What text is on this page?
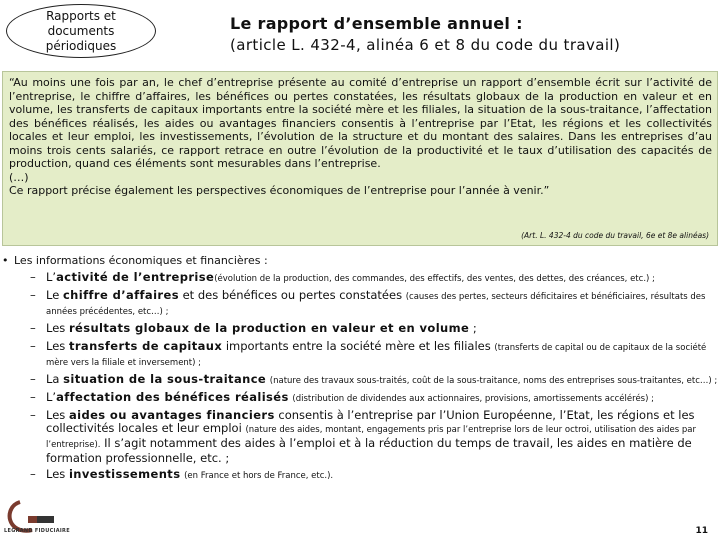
Rapports et
documents
périodiques
Le rapport d’ensemble annuel :
(article L. 432-4, alinéa 6 et 8 du code du travail)

“Au moins une fois par an, le chef d’entreprise présente au comité d’entreprise un rapport d’ensemble écrit sur l’activité de l’entreprise, le chiffre d’affaires, les bénéfices ou pertes constatées, les résultats globaux de la production en valeur et en volume, les transferts de capitaux importants entre la société mère et les filiales, la situation de la sous-traitance, l’affectation des bénéfices réalisés, les aides ou avantages financiers consentis à l’entreprise par l’Etat, les régions et les collectivités locales et leur emploi, les investissements, l’évolution de la structure et du montant des salaires. Dans les entreprises d’au moins trois cents salariés, ce rapport retrace en outre l’évolution de la productivité et le taux d’utilisation des capacités de production, quand ces éléments sont mesurables dans l’entreprise.

(…)

Ce rapport précise également les perspectives économiques de l’entreprise pour l’année à venir.”

(Art. L. 432-4 du code du travail, 6e et 8e alinéas)
• Les informations économiques et financières :
– L’activité de l’entreprise(évolution de la production, des commandes, des effectifs, des ventes, des dettes, des créances, etc.) ;
– Le chiffre d’affaires et des bénéfices ou pertes constatées (causes des pertes, secteurs déficitaires et bénéficiaires, résultats des années précédentes, etc…) ;
– Les résultats globaux de la production en valeur et en volume ;
– Les transferts de capitaux importants entre la société mère et les filiales (transferts de capital ou de capitaux de la société mère vers la filiale et inversement) ;
– La situation de la sous-traitance (nature des travaux sous-traités, coût de la sous-traitance, noms des entreprises sous-traitantes, etc…) ;
– L’affectation des bénéfices réalisés (distribution de dividendes aux actionnaires, provisions, amortissements accélérés) ;
– Les aides ou avantages financiers consentis à l’entreprise par l’Union Européenne, l’Etat, les régions et les collectivités locales et leur emploi (nature des aides, montant, engagements pris par l’entreprise lors de leur octroi, utilisation des aides par l’entreprise). Il s’agit notamment des aides à l’emploi et à la réduction du temps de travail, les aides en matière de formation professionnelle, etc. ;
– Les investissements (en France et hors de France, etc.).
LEGRAND FIDUCIAIRE	11
